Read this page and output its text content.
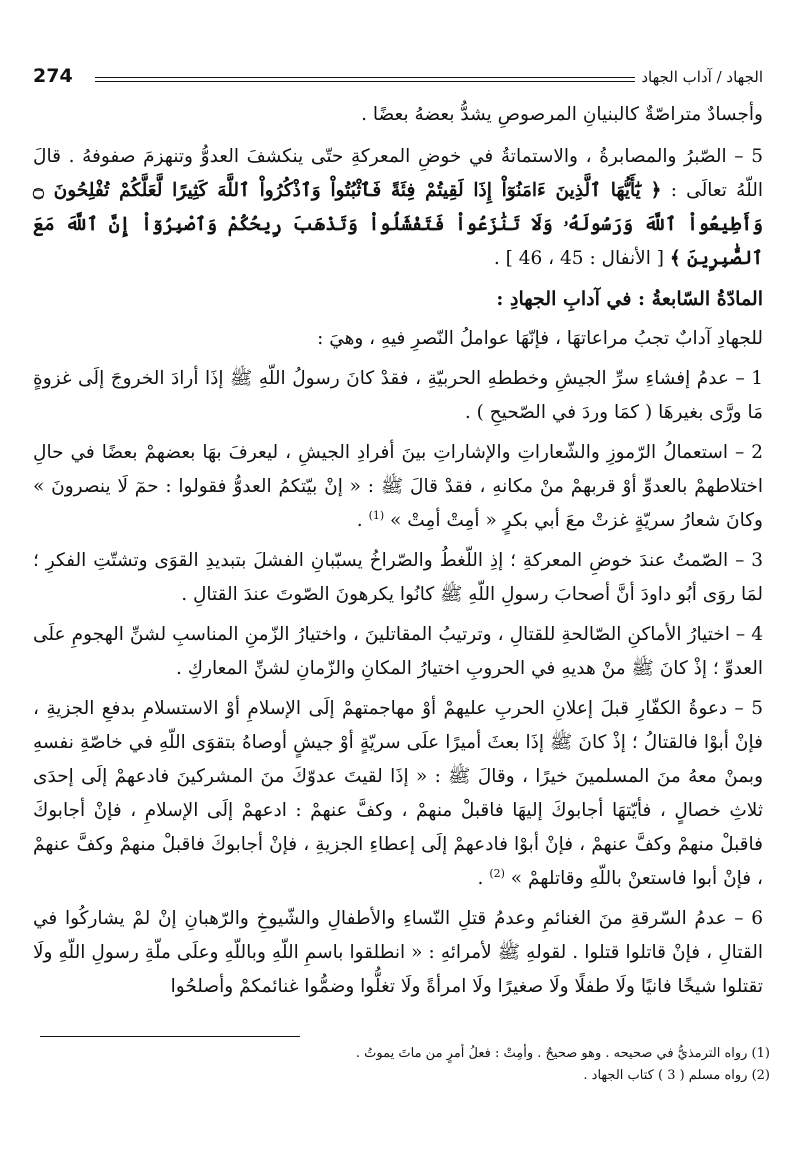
274	الجهاد / آداب الجهاد

وأجسادٌ متراصّةٌ كالبنيانِ المرصوصِ يشدُّ بعضهُ بعضًا .

5 – الصّبرُ والمصابرةُ ، والاستماتةُ في خوضِ المعركةِ حتّى ينكشفَ العدوُّ وتنهزمَ صفوفهُ . قالَ اللّهُ تعالَى : ﴿ يَٰٓأَيُّهَا ٱلَّذِينَ ءَامَنُوٓاْ إِذَا لَقِيتُمْ فِئَةً فَٱثْبُتُواْ وَٱذْكُرُواْ ٱللَّهَ كَثِيرًا لَّعَلَّكُمْ تُفْلِحُونَ ۝ وَأَطِيعُواْ ٱللَّهَ وَرَسُولَهُۥ وَلَا تَنَٰزَعُواْ فَتَفْشَلُواْ وَتَذْهَبَ رِيحُكُمْ وَٱصْبِرُوٓاْ إِنَّ ٱللَّهَ مَعَ ٱلصَّٰبِرِينَ ﴾ [ الأنفال : 45 ، 46 ] .

المادّةُ السّابعةُ : في آدابِ الجهادِ :

للجهادِ آدابٌ تجبُ مراعاتهَا ، فإنّهَا عواملُ النّصرِ فيهِ ، وهيَ :

1 – عدمُ إفشاءِ سرِّ الجيشِ وخططهِ الحربيّةِ ، فقدْ كانَ رسولُ اللّهِ ﷺ إذَا أرادَ الخروجَ إلَى غزوةٍ مَا ورَّى بغيرهَا ( كمَا وردَ في الصّحيحِ ) .

2 – استعمالُ الرّموزِ والشّعاراتِ والإشاراتِ بينَ أفرادِ الجيشِ ، ليعرفَ بهَا بعضهمْ بعضًا في حالِ اختلاطهمْ بالعدوِّ أوْ قربهمْ منْ مكانهِ ، فقدْ قالَ ﷺ : « إنْ بيّتكمُ العدوُّ فقولوا : حمٓ لَا ينصرونَ » وكانَ شعارُ سريّةٍ غزتْ معَ أبي بكرٍ « أمِتْ أمِتْ » $^{(1)}$ .

3 – الصّمتُ عندَ خوضِ المعركةِ ؛ إذِ اللّغطُ والصّراخُ يسبّبانِ الفشلَ بتبديدِ القوَى وتشتّتِ الفكرِ ؛ لمَا روَى أبُو داودَ أنَّ أصحابَ رسولِ اللّهِ ﷺ كانُوا يكرهونَ الصّوتَ عندَ القتالِ .

4 – اختيارُ الأماكنِ الصّالحةِ للقتالِ ، وترتيبُ المقاتلينَ ، واختيارُ الزّمنِ المناسبِ لشنِّ الهجومِ علَى العدوِّ ؛ إذْ كانَ ﷺ منْ هديهِ في الحروبِ اختيارُ المكانِ والزّمانِ لشنِّ المعاركِ .

5 – دعوةُ الكفّارِ قبلَ إعلانِ الحربِ عليهمْ أوْ مهاجمتهمْ إلَى الإسلامِ أوْ الاستسلامِ بدفعِ الجزيةِ ، فإنْ أبوْا فالقتالُ ؛ إذْ كانَ ﷺ إذَا بعثَ أميرًا علَى سريّةٍ أوْ جيشٍ أوصاهُ بتقوَى اللّهِ في خاصّةِ نفسهِ وبمنْ معهُ منَ المسلمينَ خيرًا ، وقالَ ﷺ : « إذَا لقيتَ عدوّكَ منَ المشركينَ فادعهمْ إلَى إحدَى ثلاثِ خصالٍ ، فأيّتهَا أجابوكَ إليهَا فاقبلْ منهمْ ، وكفَّ عنهمْ : ادعهمْ إلَى الإسلامِ ، فإنْ أجابوكَ فاقبلْ منهمْ وكفَّ عنهمْ ، فإنْ أبوْا فادعهمْ إلَى إعطاءِ الجزيةِ ، فإنْ أجابوكَ فاقبلْ منهمْ وكفَّ عنهمْ ، فإنْ أبوا فاستعنْ باللّهِ وقاتلهمْ » $^{(2)}$ .

6 – عدمُ السّرقةِ منَ الغنائمِ وعدمُ قتلِ النّساءِ والأطفالِ والشّيوخِ والرّهبانِ إنْ لمْ يشاركُوا في القتالِ ، فإنْ قاتلوا قتلوا . لقولهِ ﷺ لأمرائهِ : « انطلقوا باسمِ اللّهِ وباللّهِ وعلَى ملّةِ رسولِ اللّهِ ولَا تقتلوا شيخًا فانيًا ولَا طفلًا ولَا صغيرًا ولَا امرأةً ولَا تغلُّوا وضمُّوا غنائمكمْ وأصلحُوا

(1) رواه الترمذيُّ في صحيحه . وهو صحيحٌ . وأمِتْ : فعلُ أمرٍ من ماتَ يموتُ .

(2) رواه مسلم ( 3 ) كتاب الجهاد .
